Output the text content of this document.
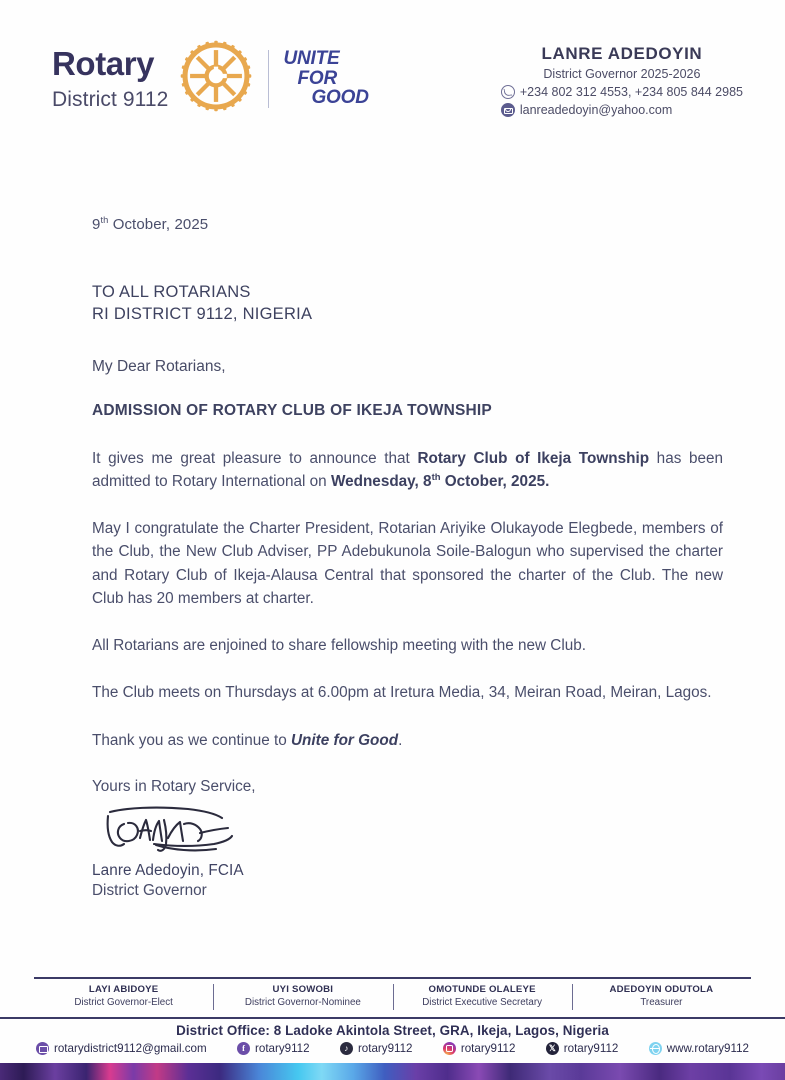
Rotary
District 9112
UNITE
FOR
GOOD
LANRE ADEDOYIN
District Governor 2025-2026
+234 802 312 4553, +234 805 844 2985
lanreadedoyin@yahoo.com
9th October, 2025
TO ALL ROTARIANS
RI DISTRICT 9112, NIGERIA
My Dear Rotarians,
ADMISSION OF ROTARY CLUB OF IKEJA TOWNSHIP
It gives me great pleasure to announce that Rotary Club of Ikeja Township has been admitted to Rotary International on Wednesday, 8th October, 2025.
May I congratulate the Charter President, Rotarian Ariyike Olukayode Elegbede, members of the Club, the New Club Adviser, PP Adebukunola Soile-Balogun who supervised the charter and Rotary Club of Ikeja-Alausa Central that sponsored the charter of the Club. The new Club has 20 members at charter.
All Rotarians are enjoined to share fellowship meeting with the new Club.
The Club meets on Thursdays at 6.00pm at Iretura Media, 34, Meiran Road, Meiran, Lagos.
Thank you as we continue to Unite for Good.
Yours in Rotary Service,
Lanre Adedoyin, FCIA
District Governor
LAYI ABIDOYE
District Governor-Elect
UYI SOWOBI
District Governor-Nominee
OMOTUNDE OLALEYE
District Executive Secretary
ADEDOYIN ODUTOLA
Treasurer
District Office: 8 Ladoke Akintola Street, GRA, Ikeja, Lagos, Nigeria
rotarydistrict9112@gmail.com	f rotary9112	♪ rotary9112	rotary9112	𝕏 rotary9112	www.rotary9112
